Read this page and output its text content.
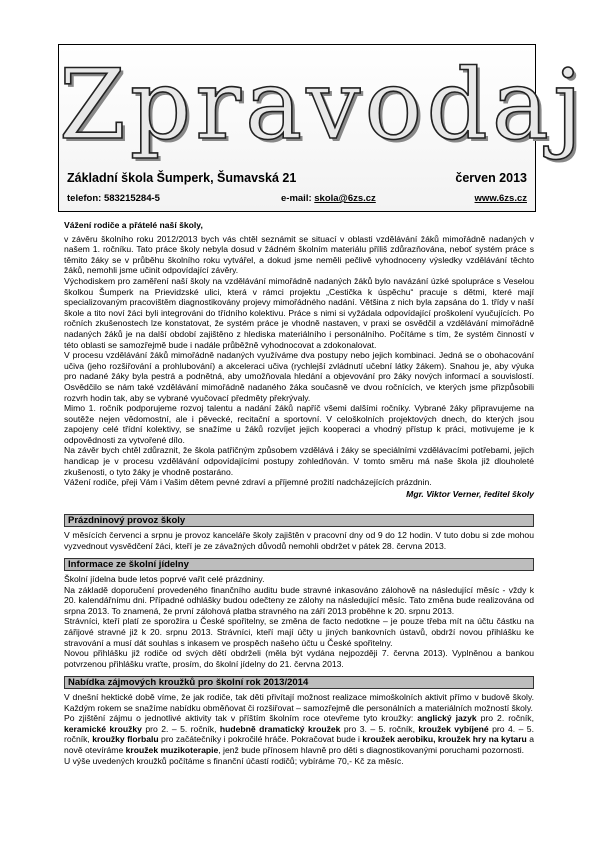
Zpravodaj
Základní škola Šumperk, Šumavská 21	červen 2013
telefon: 583215284-5	e-mail: skola@6zs.cz	www.6zs.cz

Vážení rodiče a přátelé naší školy,

v závěru školního roku 2012/2013 bych vás chtěl seznámit se situací v oblasti vzdělávání žáků mimořádně nadaných v našem 1. ročníku. Tato práce školy nebyla dosud v žádném školním materiálu příliš zdůrazňována, neboť systém práce s těmito žáky se v průběhu školního roku vytvářel, a dokud jsme neměli pečlivě vyhodnoceny výsledky vzdělávání těchto žáků, nemohli jsme učinit odpovídající závěry.

Východiskem pro zaměření naší školy na vzdělávání mimořádně nadaných žáků bylo navázání úzké spolupráce s Veselou školkou Šumperk na Prievidzské ulici, která v rámci projektu „Cestička k úspěchu“ pracuje s dětmi, které mají specializovaným pracovištěm diagnostikovány projevy mimořádného nadání. Většina z nich byla zapsána do 1. třídy v naší škole a tito noví žáci byli integrováni do třídního kolektivu. Práce s nimi si vyžádala odpovídající proškolení vyučujících. Po ročních zkušenostech lze konstatovat, že systém práce je vhodně nastaven, v praxi se osvědčil a vzdělávání mimořádně nadaných žáků je na další období zajištěno z hlediska materiálního i personálního. Počítáme s tím, že systém činností v této oblasti se samozřejmě bude i nadále průběžně vyhodnocovat a zdokonalovat.

V procesu vzdělávání žáků mimořádně nadaných využíváme dva postupy nebo jejich kombinaci. Jedná se o obohacování učiva (jeho rozšiřování a prohlubování) a akceleraci učiva (rychlejší zvládnutí učební látky žákem). Snahou je, aby výuka pro nadané žáky byla pestrá a podnětná, aby umožňovala hledání a objevování pro žáky nových informací a souvislostí. Osvědčilo se nám také vzdělávání mimořádně nadaného žáka současně ve dvou ročnících, ve kterých jsme přizpůsobili rozvrh hodin tak, aby se vybrané vyučovací předměty překrývaly.

Mimo 1. ročník podporujeme rozvoj talentu a nadání žáků napříč všemi dalšími ročníky. Vybrané žáky připravujeme na soutěže nejen vědomostní, ale i pěvecké, recitační a sportovní. V celoškolních projektových dnech, do kterých jsou zapojeny celé třídní kolektivy, se snažíme u žáků rozvíjet jejich kooperaci a vhodný přístup k práci, motivujeme je k odpovědnosti za vytvořené dílo.

Na závěr bych chtěl zdůraznit, že škola patřičným způsobem vzdělává i žáky se speciálními vzdělávacími potřebami, jejich handicap je v procesu vzdělávání odpovídajícími postupy zohledňován. V tomto směru má naše škola již dlouholeté zkušenosti, o tyto žáky je vhodně postaráno.

Vážení rodiče, přeji Vám i Vašim dětem pevné zdraví a příjemné prožití nadcházejících prázdnin.

Mgr. Viktor Verner, ředitel školy

Prázdninový provoz školy

V měsících červenci a srpnu je provoz kanceláře školy zajištěn v pracovní dny od 9 do 12 hodin. V tuto dobu si zde mohou vyzvednout vysvědčení žáci, kteří je ze závažných důvodů nemohli obdržet v pátek 28. června 2013.

Informace ze školní jídelny

Školní jídelna bude letos poprvé vařit celé prázdniny.

Na základě doporučení provedeného finančního auditu bude stravné inkasováno zálohově na následující měsíc - vždy k 20. kalendářnímu dni. Případné odhlášky budou odečteny ze zálohy na následující měsíc. Tato změna bude realizována od srpna 2013. To znamená, že první zálohová platba stravného na září 2013 proběhne k 20. srpnu 2013.

Strávníci, kteří platí ze sporožira u České spořitelny, se změna de facto nedotkne – je pouze třeba mít na účtu částku na zářijové stravné již k 20. srpnu 2013. Strávníci, kteří mají účty u jiných bankovních ústavů, obdrží novou přihlášku ke stravování a musí dát souhlas s inkasem ve prospěch našeho účtu u České spořitelny.

Novou přihlášku již rodiče od svých dětí obdrželi (měla být vydána nejpozději 7. června 2013). Vyplněnou a bankou potvrzenou přihlášku vraťte, prosím, do školní jídelny do 21. června 2013.

Nabídka zájmových kroužků pro školní rok 2013/2014

V dnešní hektické době víme, že jak rodiče, tak děti přivítají možnost realizace mimoškolních aktivit přímo v budově školy. Každým rokem se snažíme nabídku obměňovat či rozšiřovat – samozřejmě dle personálních a materiálních možností školy.

Po zjištění zájmu o jednotlivé aktivity tak v příštím školním roce otevřeme tyto kroužky: anglický jazyk pro 2. ročník, keramické kroužky pro 2. – 5. ročník, hudebně dramatický kroužek pro 3. – 5. ročník, kroužek vybíjené pro 4. – 5. ročník, kroužky florbalu pro začátečníky i pokročilé hráče. Pokračovat bude i kroužek aerobiku, kroužek hry na kytaru a nově otevíráme kroužek muzikoterapie, jenž bude přínosem hlavně pro děti s diagnostikovanými poruchami pozornosti.

U výše uvedených kroužků počítáme s finanční účastí rodičů; vybíráme 70,- Kč za měsíc.
